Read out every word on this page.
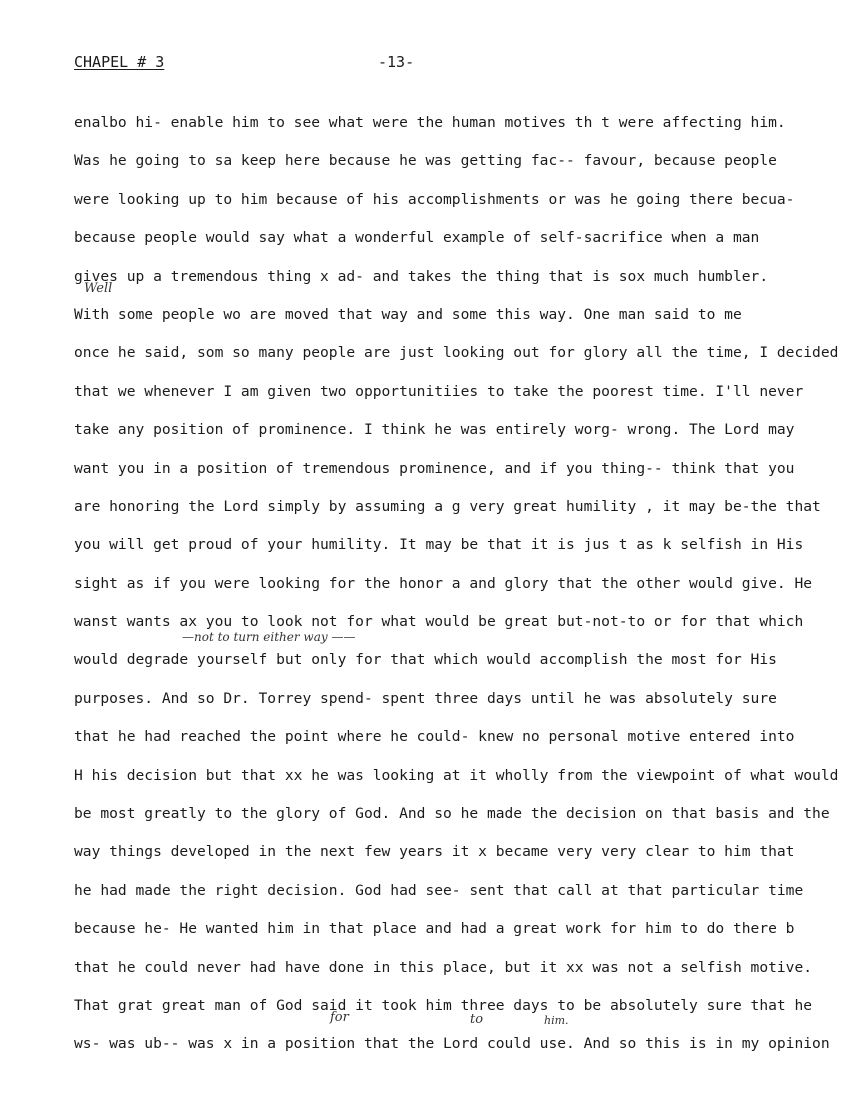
CHAPEL # 3	-13-
enalbo hi- enable him to see what were the human motives th t were affecting him.
Was he going to sa keep here because he was getting fac-- favour, because people
were looking up to him because of his accomplishments or was he going there becua-
because people would say what a wonderful example of self-sacrifice when a man
gives up a tremendous thing x ad- and takes the thing that is sox much humbler.
With some people wo are moved that way and some this way. One man said to me
Well
once he said, som so many people are just looking out for glory all the time, I decided
that we whenever I am given two opportunitiies to take the poorest time. I'll never
take any position of prominence. I think he was entirely worg- wrong. The Lord may
want you in a position of tremendous prominence, and if you thing-- think that you
are honoring the Lord simply by assuming a g very great humility , it may be-the that
you will get proud of your humility. It may be that it is jus t as k selfish in His
sight as if you were looking for the honor a and glory that the other would give. He
wanst wants ax you to look not for what would be great but-not-to or for that which
would degrade yourself but only for that which would accomplish the most for His
—not to turn either way ——
purposes. And so Dr. Torrey spend- spent three days until he was absolutely sure
that he had reached the point where he could- knew no personal motive entered into
H his decision but that xx he was looking at it wholly from the viewpoint of what would
be most greatly to the glory of God. And so he made the decision on that basis and the
way things developed in the next few years it x became very very clear to him that
he had made the right decision. God had see- sent that call at that particular time
because he- He wanted him in that place and had a great work for him to do there b
that he could never had have done in this place, but it xx was not a selfish motive.
That grat great man of God said it took him three days to be absolutely sure that he
ws- was ub-- was x in a position that the Lord could use. And so this is in my opinion
for	to	him.
